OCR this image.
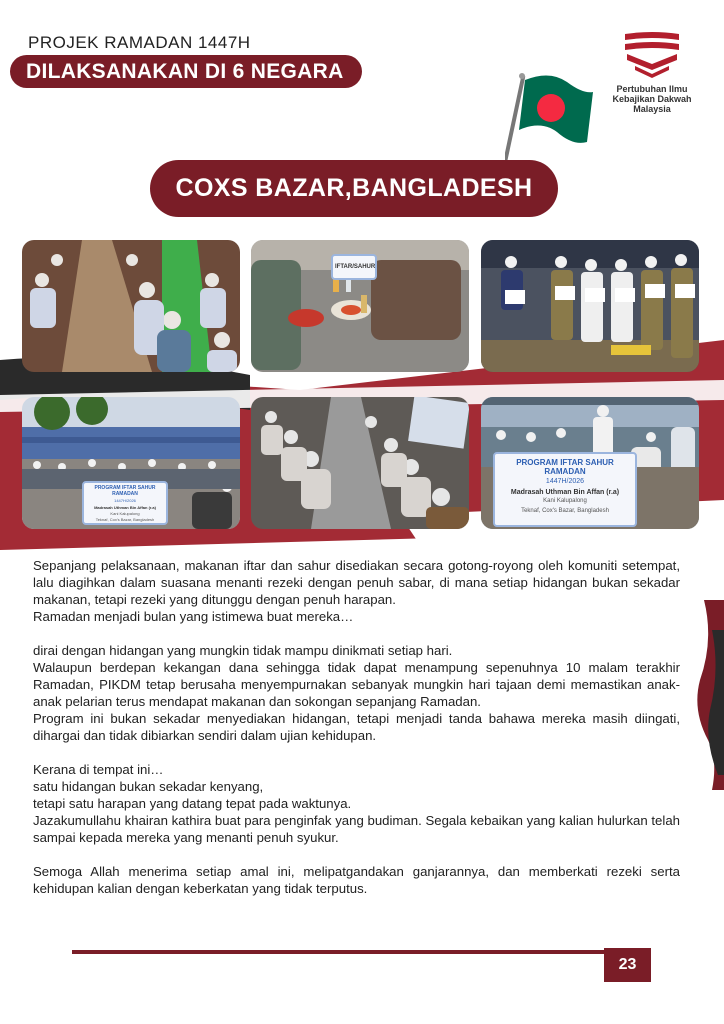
PROJEK RAMADAN 1447H
DILAKSANAKAN DI 6 NEGARA
Pertubuhan Ilmu
Kebajikan Dakwah
Malaysia
COXS BAZAR,BANGLADESH
IFTAR/SAHUR
PROGRAM IFTAR SAHUR RAMADAN
1447H/2026
Madrasah Uthman Bin Affan (r.a)
Kani Kalupalong
Teknaf, Cox's Bazar, Bangladesh
PROGRAM IFTAR SAHUR RAMADAN
1447H/2026
Madrasah Uthman Bin Affan (r.a)
Kani Kalupalong
Teknaf, Cox's Bazar, Bangladesh

Sepanjang pelaksanaan, makanan iftar dan sahur disediakan secara gotong-royong oleh komuniti setempat, lalu diagihkan dalam suasana menanti rezeki dengan penuh sabar, di mana setiap hidangan bukan sekadar makanan, tetapi rezeki yang ditunggu dengan penuh harapan.

Ramadan menjadi bulan yang istimewa buat mereka…

dirai dengan hidangan yang mungkin tidak mampu dinikmati setiap hari.

Walaupun berdepan kekangan dana sehingga tidak dapat menampung sepenuhnya 10 malam terakhir Ramadan, PIKDM tetap berusaha menyempurnakan sebanyak mungkin hari tajaan demi memastikan anak-anak pelarian terus mendapat makanan dan sokongan sepanjang Ramadan.

Program ini bukan sekadar menyediakan hidangan, tetapi menjadi tanda bahawa mereka masih diingati, dihargai dan tidak dibiarkan sendiri dalam ujian kehidupan.

Kerana di tempat ini…

satu hidangan bukan sekadar kenyang,

tetapi satu harapan yang datang tepat pada waktunya.

Jazakumullahu khairan kathira buat para penginfak yang budiman. Segala kebaikan yang kalian hulurkan telah sampai kepada mereka yang menanti penuh syukur.

Semoga Allah menerima setiap amal ini, melipatgandakan ganjarannya, dan memberkati rezeki serta kehidupan kalian dengan keberkatan yang tidak terputus.

23
